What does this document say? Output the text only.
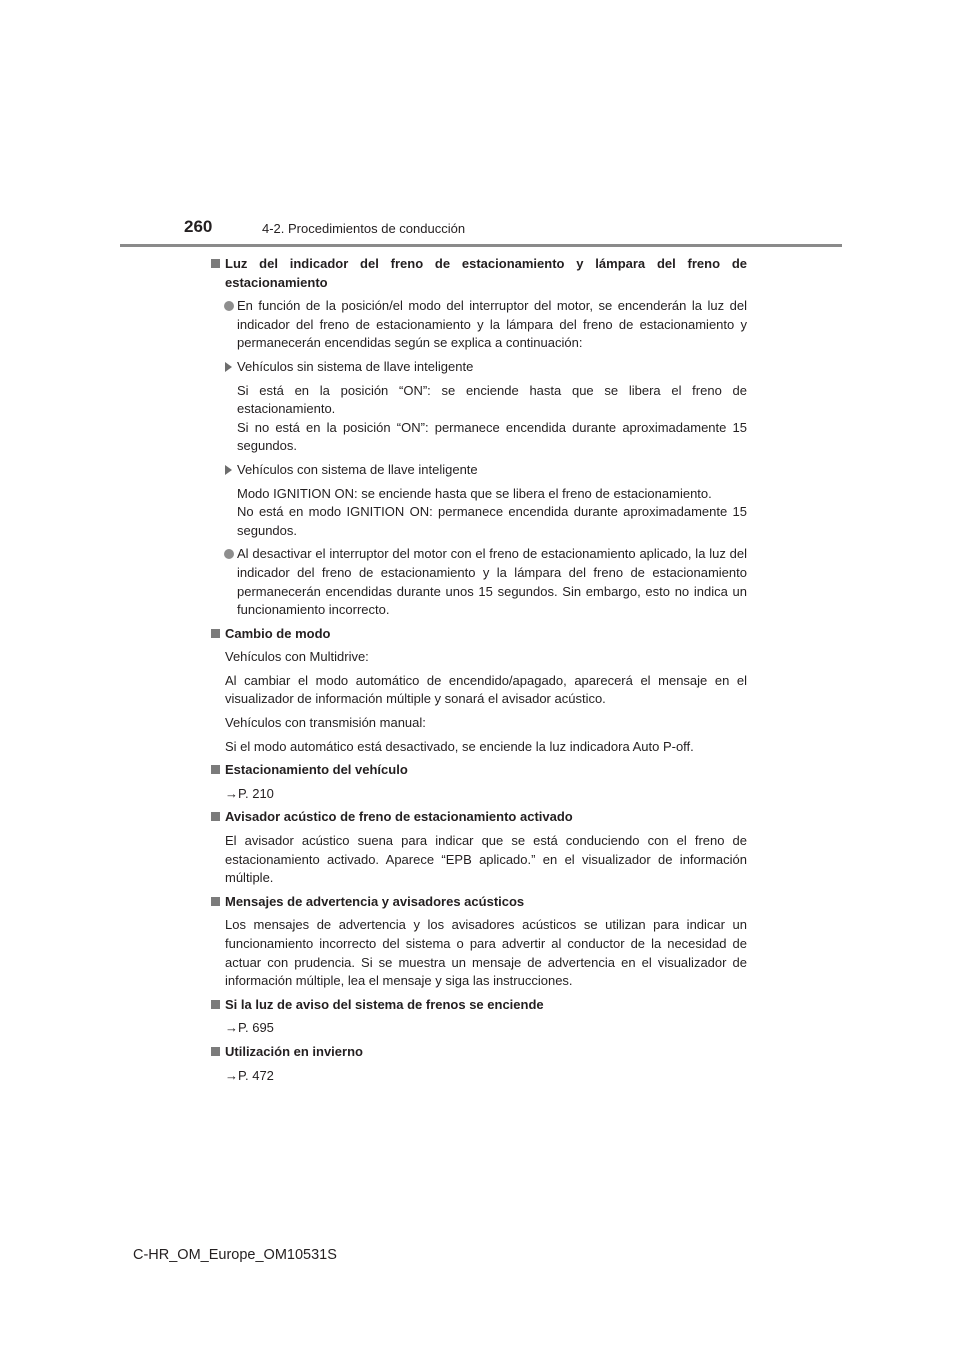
260	4-2. Procedimientos de conducción
Luz del indicador del freno de estacionamiento y lámpara del freno de estacionamiento
En función de la posición/el modo del interruptor del motor, se encenderán la luz del indicador del freno de estacionamiento y la lámpara del freno de estacionamiento y permanecerán encendidas según se explica a continuación:
Vehículos sin sistema de llave inteligente
Si está en la posición “ON”: se enciende hasta que se libera el freno de estacionamiento.
Si no está en la posición “ON”: permanece encendida durante aproximadamente 15 segundos.
Vehículos con sistema de llave inteligente
Modo IGNITION ON: se enciende hasta que se libera el freno de estacionamiento.
No está en modo IGNITION ON: permanece encendida durante aproximadamente 15 segundos.
Al desactivar el interruptor del motor con el freno de estacionamiento aplicado, la luz del indicador del freno de estacionamiento y la lámpara del freno de estacionamiento permanecerán encendidas durante unos 15 segundos. Sin embargo, esto no indica un funcionamiento incorrecto.
Cambio de modo
Vehículos con Multidrive:
Al cambiar el modo automático de encendido/apagado, aparecerá el mensaje en el visualizador de información múltiple y sonará el avisador acústico.
Vehículos con transmisión manual:
Si el modo automático está desactivado, se enciende la luz indicadora Auto P-off.
Estacionamiento del vehículo
→P. 210
Avisador acústico de freno de estacionamiento activado
El avisador acústico suena para indicar que se está conduciendo con el freno de estacionamiento activado. Aparece “EPB aplicado.” en el visualizador de información múltiple.
Mensajes de advertencia y avisadores acústicos
Los mensajes de advertencia y los avisadores acústicos se utilizan para indicar un funcionamiento incorrecto del sistema o para advertir al conductor de la necesidad de actuar con prudencia. Si se muestra un mensaje de advertencia en el visualizador de información múltiple, lea el mensaje y siga las instrucciones.
Si la luz de aviso del sistema de frenos se enciende
→P. 695
Utilización en invierno
→P. 472
C-HR_OM_Europe_OM10531S
